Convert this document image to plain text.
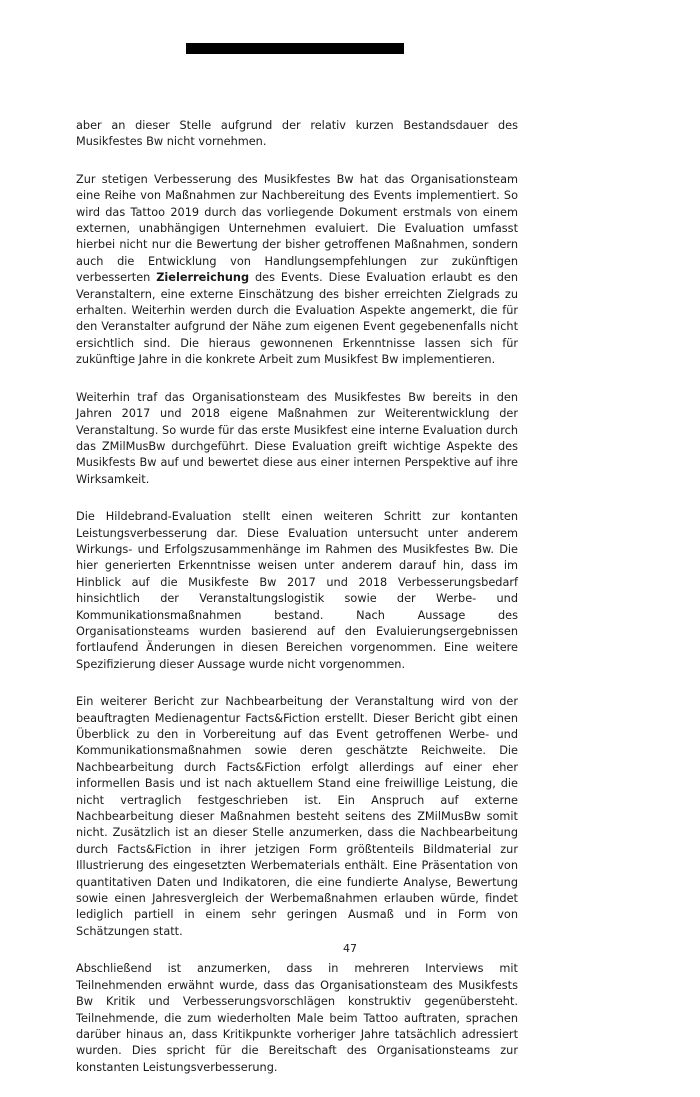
aber an dieser Stelle aufgrund der relativ kurzen Bestandsdauer des Musikfestes Bw nicht vornehmen.

Zur stetigen Verbesserung des Musikfestes Bw hat das Organisationsteam eine Reihe von Maßnahmen zur Nachbereitung des Events implementiert. So wird das Tattoo 2019 durch das vorliegende Dokument erstmals von einem externen, unabhängigen Unternehmen evaluiert. Die Evaluation umfasst hierbei nicht nur die Bewertung der bisher getroffenen Maßnahmen, sondern auch die Entwicklung von Handlungsempfehlungen zur zukünftigen verbesserten Zielerreichung des Events. Diese Evaluation erlaubt es den Veranstaltern, eine externe Einschätzung des bisher erreichten Zielgrads zu erhalten. Weiterhin werden durch die Evaluation Aspekte angemerkt, die für den Veranstalter aufgrund der Nähe zum eigenen Event gegebenenfalls nicht ersichtlich sind. Die hieraus gewonnenen Erkenntnisse lassen sich für zukünftige Jahre in die konkrete Arbeit zum Musikfest Bw implementieren.

Weiterhin traf das Organisationsteam des Musikfestes Bw bereits in den Jahren 2017 und 2018 eigene Maßnahmen zur Weiterentwicklung der Veranstaltung. So wurde für das erste Musikfest eine interne Evaluation durch das ZMilMusBw durchgeführt. Diese Evaluation greift wichtige Aspekte des Musikfests Bw auf und bewertet diese aus einer internen Perspektive auf ihre Wirksamkeit.

Die Hildebrand-Evaluation stellt einen weiteren Schritt zur kontanten Leistungsverbesserung dar. Diese Evaluation untersucht unter anderem Wirkungs- und Erfolgszusammenhänge im Rahmen des Musikfestes Bw. Die hier generierten Erkenntnisse weisen unter anderem darauf hin, dass im Hinblick auf die Musikfeste Bw 2017 und 2018 Verbesserungsbedarf hinsichtlich der Veranstaltungslogistik sowie der Werbe- und Kommunikationsmaßnahmen bestand. Nach Aussage des Organisationsteams wurden basierend auf den Evaluierungsergebnissen fortlaufend Änderungen in diesen Bereichen vorgenommen. Eine weitere Spezifizierung dieser Aussage wurde nicht vorgenommen.

Ein weiterer Bericht zur Nachbearbeitung der Veranstaltung wird von der beauftragten Medienagentur Facts&Fiction erstellt. Dieser Bericht gibt einen Überblick zu den in Vorbereitung auf das Event getroffenen Werbe- und Kommunikationsmaßnahmen sowie deren geschätzte Reichweite. Die Nachbearbeitung durch Facts&Fiction erfolgt allerdings auf einer eher informellen Basis und ist nach aktuellem Stand eine freiwillige Leistung, die nicht vertraglich festgeschrieben ist. Ein Anspruch auf externe Nachbearbeitung dieser Maßnahmen besteht seitens des ZMilMusBw somit nicht. Zusätzlich ist an dieser Stelle anzumerken, dass die Nachbearbeitung durch Facts&Fiction in ihrer jetzigen Form größtenteils Bildmaterial zur Illustrierung des eingesetzten Werbematerials enthält. Eine Präsentation von quantitativen Daten und Indikatoren, die eine fundierte Analyse, Bewertung sowie einen Jahresvergleich der Werbemaßnahmen erlauben würde, findet lediglich partiell in einem sehr geringen Ausmaß und in Form von Schätzungen statt.

Abschließend ist anzumerken, dass in mehreren Interviews mit Teilnehmenden erwähnt wurde, dass das Organisationsteam des Musikfests Bw Kritik und Verbesserungsvorschlägen konstruktiv gegenübersteht. Teilnehmende, die zum wiederholten Male beim Tattoo auftraten, sprachen darüber hinaus an, dass Kritikpunkte vorheriger Jahre tatsächlich adressiert wurden. Dies spricht für die Bereitschaft des Organisationsteams zur konstanten Leistungsverbesserung.

47
